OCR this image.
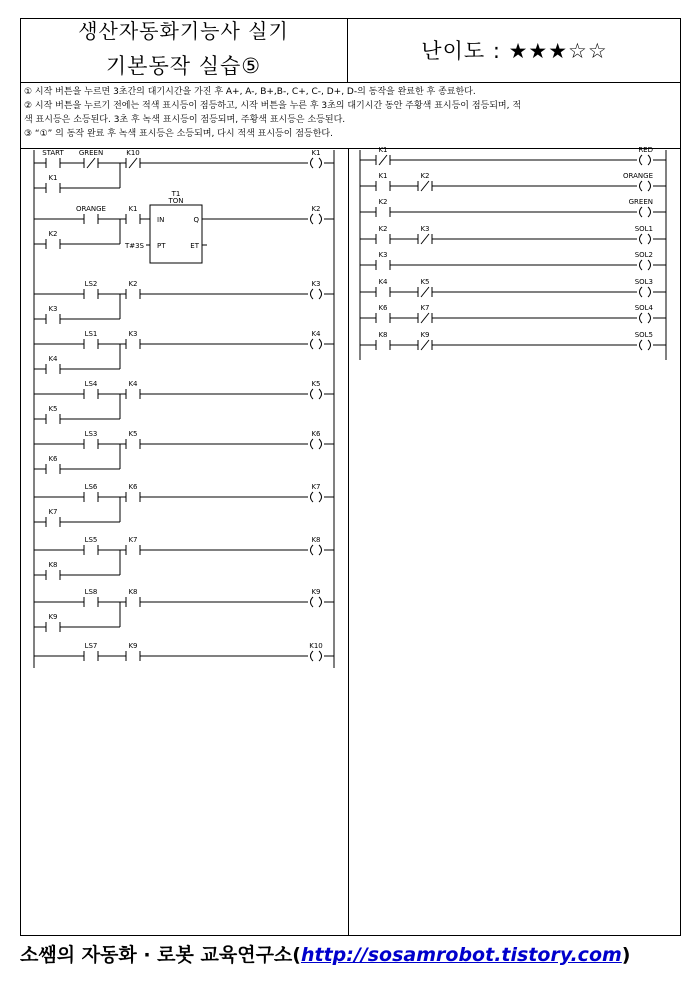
생산자동화기능사 실기
기본동작 실습⑤
난이도 : ★★★☆☆
① 시작 버튼을 누르면 3초간의 대기시간을 가진 후 A+, A-, B+,B-, C+, C-, D+, D-의 동작을 완료한 후 종료한다.
② 시작 버튼을 누르기 전에는 적색 표시등이 점등하고, 시작 버튼을 누른 후 3초의 대기시간 동안 주황색 표시등이 점등되며, 적
색 표시등은 소등된다. 3초 후 녹색 표시등이 점등되며, 주황색 표시등은 소등된다.
③ “①” 의 동작 완료 후 녹색 표시등은 소등되며, 다시 적색 표시등이 점등한다.
START GREEN	K10	K1
K1
ORANGE	K1
T1
TON
IN	Q
PT	ET
T#3S
K2
K2
LS2	K2	K3
K3
LS1	K3	K4
K4
LS4	K4	K5
K5
LS3	K5	K6
K6
LS6	K6	K7
K7
LS5	K7	K8
K8
LS8	K8	K9
K9
LS7	K9	K10
K1	RED
K1	K2	ORANGE
K2	GREEN
K2	K3	SOL1
K3	SOL2
K4	K5	SOL3
K6	K7	SOL4
K8	K9	SOL5
소쌤의 자동화 · 로봇 교육연구소(http://sosamrobot.tistory.com)
